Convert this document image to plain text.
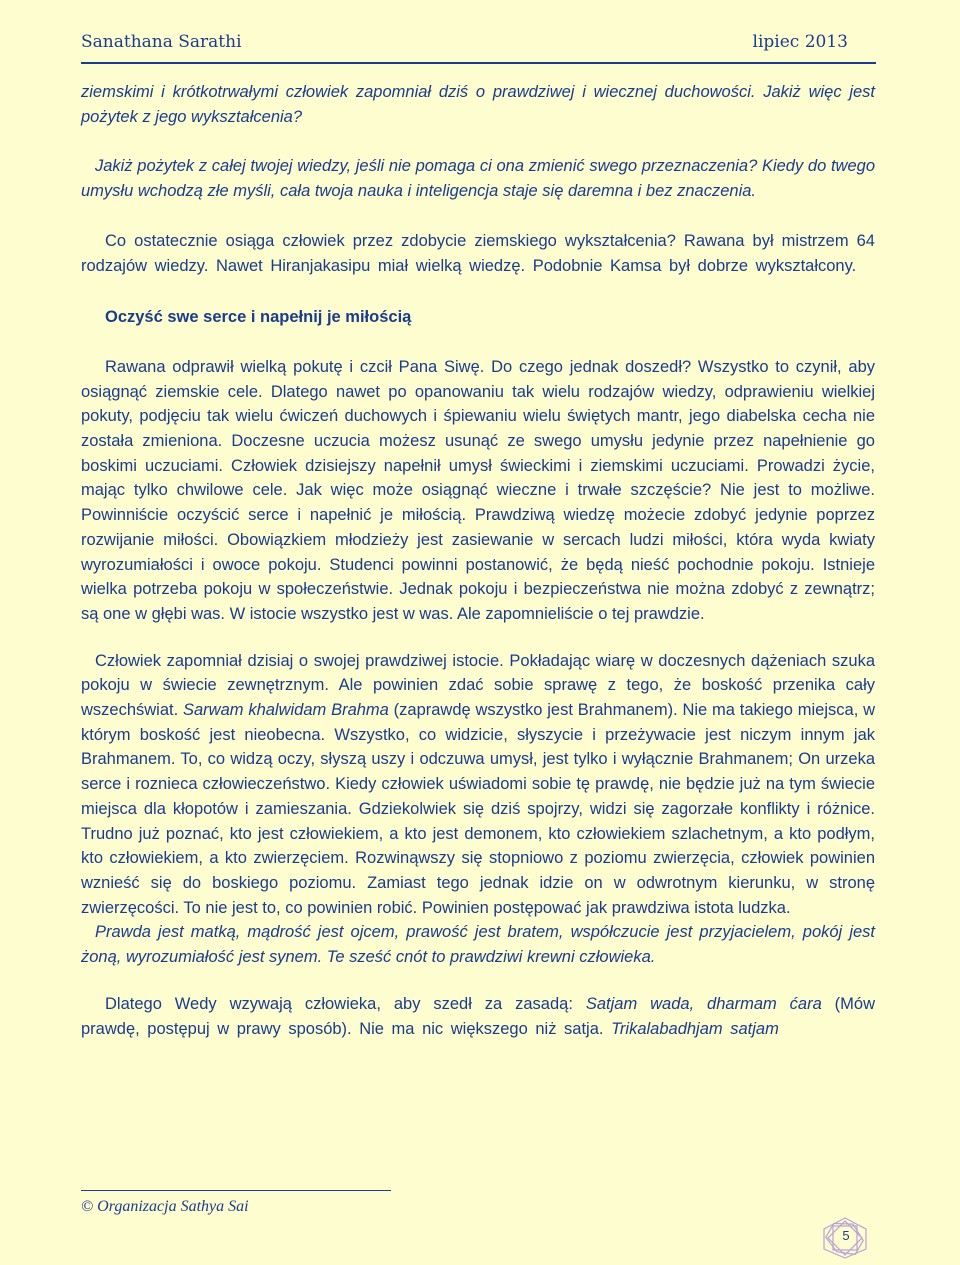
Sanathana Sarathi	lipiec 2013

ziemskimi i krótkotrwałymi człowiek zapomniał dziś o prawdziwej i wiecznej duchowości. Jakiż więc jest pożytek z jego wykształcenia?

Jakiż pożytek z całej twojej wiedzy, jeśli nie pomaga ci ona zmienić swego przeznaczenia? Kiedy do twego umysłu wchodzą złe myśli, cała twoja nauka i inteligencja staje się daremna i bez znaczenia.

Co ostatecznie osiąga człowiek przez zdobycie ziemskiego wykształcenia? Rawana był mistrzem 64 rodzajów wiedzy. Nawet Hiranjakasipu miał wielką wiedzę. Podobnie Kamsa był dobrze wykształcony.

Oczyść swe serce i napełnij je miłością

Rawana odprawił wielką pokutę i czcił Pana Siwę. Do czego jednak doszedł? Wszystko to czynił, aby osiągnąć ziemskie cele. Dlatego nawet po opanowaniu tak wielu rodzajów wiedzy, odprawieniu wielkiej pokuty, podjęciu tak wielu ćwiczeń duchowych i śpiewaniu wielu świętych mantr, jego diabelska cecha nie została zmieniona. Doczesne uczucia możesz usunąć ze swego umysłu jedynie przez napełnienie go boskimi uczuciami. Człowiek dzisiejszy napełnił umysł świeckimi i ziemskimi uczuciami. Prowadzi życie, mając tylko chwilowe cele. Jak więc może osiągnąć wieczne i trwałe szczęście? Nie jest to możliwe. Powinniście oczyścić serce i napełnić je miłością. Prawdziwą wiedzę możecie zdobyć jedynie poprzez rozwijanie miłości. Obowiązkiem młodzieży jest zasiewanie w sercach ludzi miłości, która wyda kwiaty wyrozumiałości i owoce pokoju. Studenci powinni postanowić, że będą nieść pochodnie pokoju. Istnieje wielka potrzeba pokoju w społeczeństwie. Jednak pokoju i bezpieczeństwa nie można zdobyć z zewnątrz; są one w głębi was. W istocie wszystko jest w was. Ale zapomnieliście o tej prawdzie.

Człowiek zapomniał dzisiaj o swojej prawdziwej istocie. Pokładając wiarę w doczesnych dążeniach szuka pokoju w świecie zewnętrznym. Ale powinien zdać sobie sprawę z tego, że boskość przenika cały wszechświat. Sarwam khalwidam Brahma (zaprawdę wszystko jest Brahmanem). Nie ma takiego miejsca, w którym boskość jest nieobecna. Wszystko, co widzicie, słyszycie i przeżywacie jest niczym innym jak Brahmanem. To, co widzą oczy, słyszą uszy i odczuwa umysł, jest tylko i wyłącznie Brahmanem; On urzeka serce i roznieca człowieczeństwo. Kiedy człowiek uświadomi sobie tę prawdę, nie będzie już na tym świecie miejsca dla kłopotów i zamieszania. Gdziekolwiek się dziś spojrzy, widzi się zagorzałe konflikty i różnice. Trudno już poznać, kto jest człowiekiem, a kto jest demonem, kto człowiekiem szlachetnym, a kto podłym, kto człowiekiem, a kto zwierzęciem. Rozwinąwszy się stopniowo z poziomu zwierzęcia, człowiek powinien wznieść się do boskiego poziomu. Zamiast tego jednak idzie on w odwrotnym kierunku, w stronę zwierzęcości. To nie jest to, co powinien robić. Powinien postępować jak prawdziwa istota ludzka.

Prawda jest matką, mądrość jest ojcem, prawość jest bratem, współczucie jest przyjacielem, pokój jest żoną, wyrozumiałość jest synem. Te sześć cnót to prawdziwi krewni człowieka.

Dlatego Wedy wzywają człowieka, aby szedł za zasadą: Satjam wada, dharmam ćara (Mów prawdę, postępuj w prawy sposób). Nie ma nic większego niż satja. Trikalabadhjam satjam

© Organizacja Sathya Sai
5
